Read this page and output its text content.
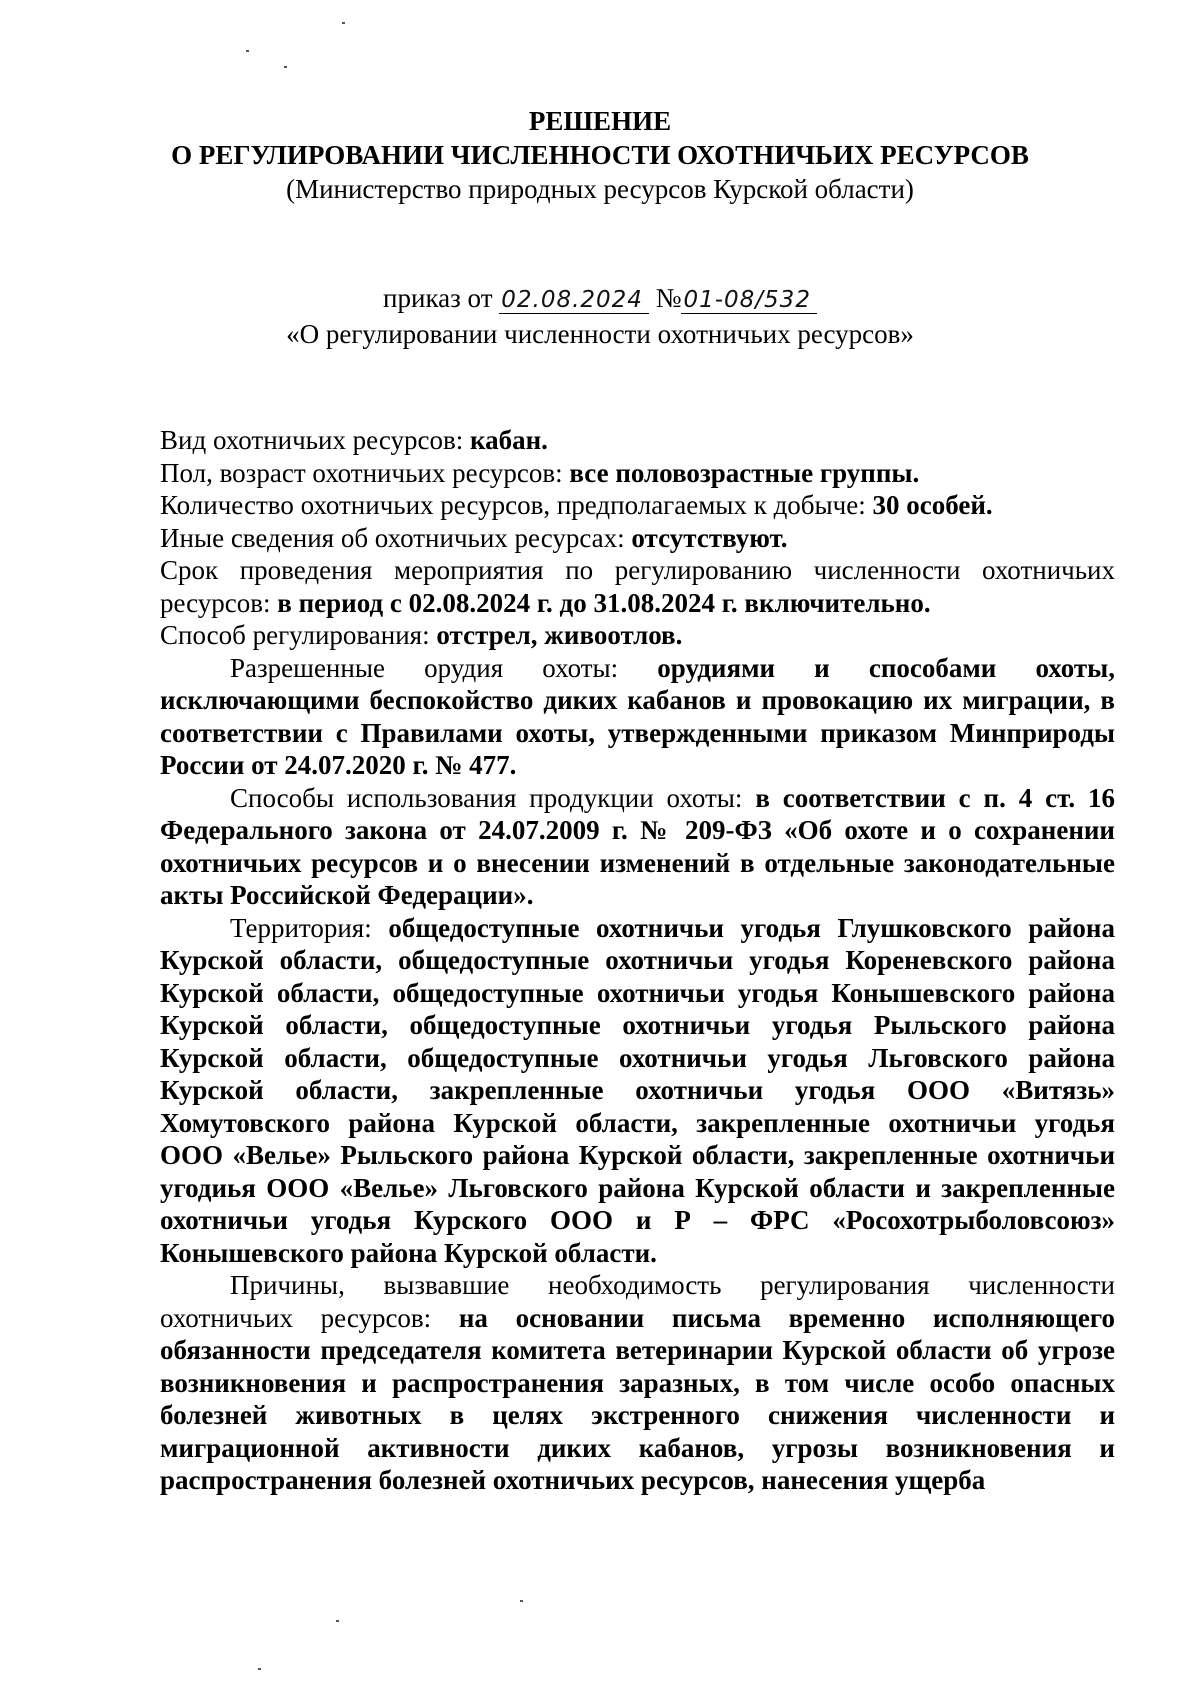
РЕШЕНИЕ
О РЕГУЛИРОВАНИИ ЧИСЛЕННОСТИ ОХОТНИЧЬИХ РЕСУРСОВ
(Министерство природных ресурсов Курской области)
приказ от 02.08.2024 №01-08/532
«О регулировании численности охотничьих ресурсов»

Вид охотничьих ресурсов: кабан.

Пол, возраст охотничьих ресурсов: все половозрастные группы.

Количество охотничьих ресурсов, предполагаемых к добыче: 30 особей.

Иные сведения об охотничьих ресурсах: отсутствуют.

Срок проведения мероприятия по регулированию численности охотничьих ресурсов: в период с 02.08.2024 г. до 31.08.2024 г. включительно.

Способ регулирования: отстрел, живоотлов.

Разрешенные орудия охоты: орудиями и способами охоты, исключающими беспокойство диких кабанов и провокацию их миграции, в соответствии с Правилами охоты, утвержденными приказом Минприроды России от 24.07.2020 г. № 477.

Способы использования продукции охоты: в соответствии с п. 4 ст. 16 Федерального закона от 24.07.2009 г. № 209-ФЗ «Об охоте и о сохранении охотничьих ресурсов и о внесении изменений в отдельные законодательные акты Российской Федерации».

Территория: общедоступные охотничьи угодья Глушковского района Курской области, общедоступные охотничьи угодья Кореневского района Курской области, общедоступные охотничьи угодья Конышевского района Курской области, общедоступные охотничьи угодья Рыльского района Курской области, общедоступные охотничьи угодья Льговского района Курской области, закрепленные охотничьи угодья ООО «Витязь» Хомутовского района Курской области, закрепленные охотничьи угодья ООО «Велье» Рыльского района Курской области, закрепленные охотничьи угодиья ООО «Велье» Льговского района Курской области и закрепленные охотничьи угодья Курского ООО и Р – ФРС «Росохотрыболовсоюз» Конышевского района Курской области.

Причины, вызвавшие необходимость регулирования численности охотничьих ресурсов: на основании письма временно исполняющего обязанности председателя комитета ветеринарии Курской области об угрозе возникновения и распространения заразных, в том числе особо опасных болезней животных в целях экстренного снижения численности и миграционной активности диких кабанов, угрозы возникновения и распространения болезней охотничьих ресурсов, нанесения ущерба
